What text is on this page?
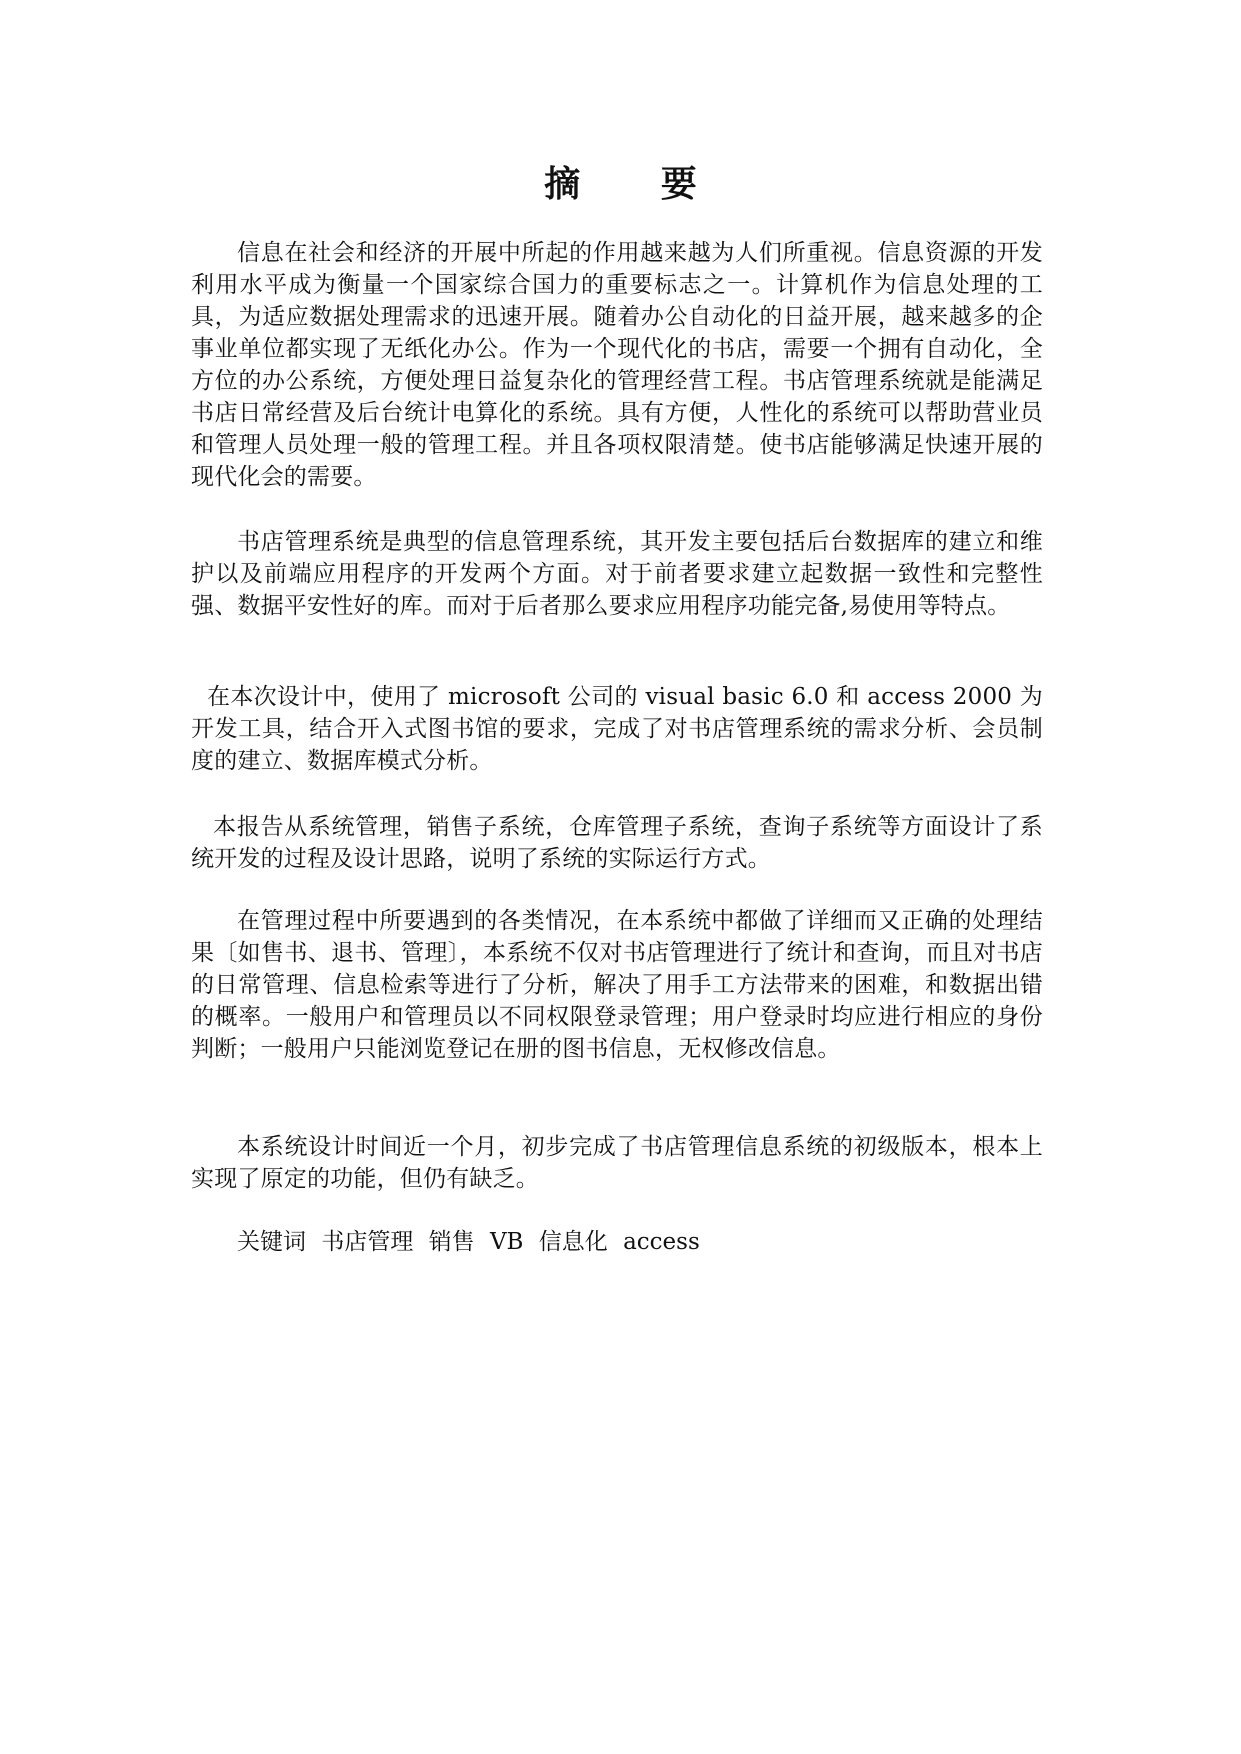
摘 要

信息在社会和经济的开展中所起的作用越来越为人们所重视。信息资源的开发利用水平成为衡量一个国家综合国力的重要标志之一。计算机作为信息处理的工具，为适应数据处理需求的迅速开展。随着办公自动化的日益开展，越来越多的企事业单位都实现了无纸化办公。作为一个现代化的书店，需要一个拥有自动化，全方位的办公系统，方便处理日益复杂化的管理经营工程。书店管理系统就是能满足书店日常经营及后台统计电算化的系统。具有方便，人性化的系统可以帮助营业员和管理人员处理一般的管理工程。并且各项权限清楚。使书店能够满足快速开展的现代化会的需要。

书店管理系统是典型的信息管理系统，其开发主要包括后台数据库的建立和维护以及前端应用程序的开发两个方面。对于前者要求建立起数据一致性和完整性强、数据平安性好的库。而对于后者那么要求应用程序功能完备,易使用等特点。

在本次设计中，使用了 microsoft 公司的 visual basic 6.0 和 access 2000 为开发工具，结合开入式图书馆的要求，完成了对书店管理系统的需求分析、会员制度的建立、数据库模式分析。

本报告从系统管理，销售子系统，仓库管理子系统，查询子系统等方面设计了系统开发的过程及设计思路，说明了系统的实际运行方式。

在管理过程中所要遇到的各类情况，在本系统中都做了详细而又正确的处理结果〔如售书、退书、管理〕，本系统不仅对书店管理进行了统计和查询，而且对书店的日常管理、信息检索等进行了分析，解决了用手工方法带来的困难，和数据出错的概率。一般用户和管理员以不同权限登录管理；用户登录时均应进行相应的身份判断；一般用户只能浏览登记在册的图书信息，无权修改信息。

本系统设计时间近一个月，初步完成了书店管理信息系统的初级版本，根本上实现了原定的功能，但仍有缺乏。

关键词 书店管理 销售 VB 信息化 access
